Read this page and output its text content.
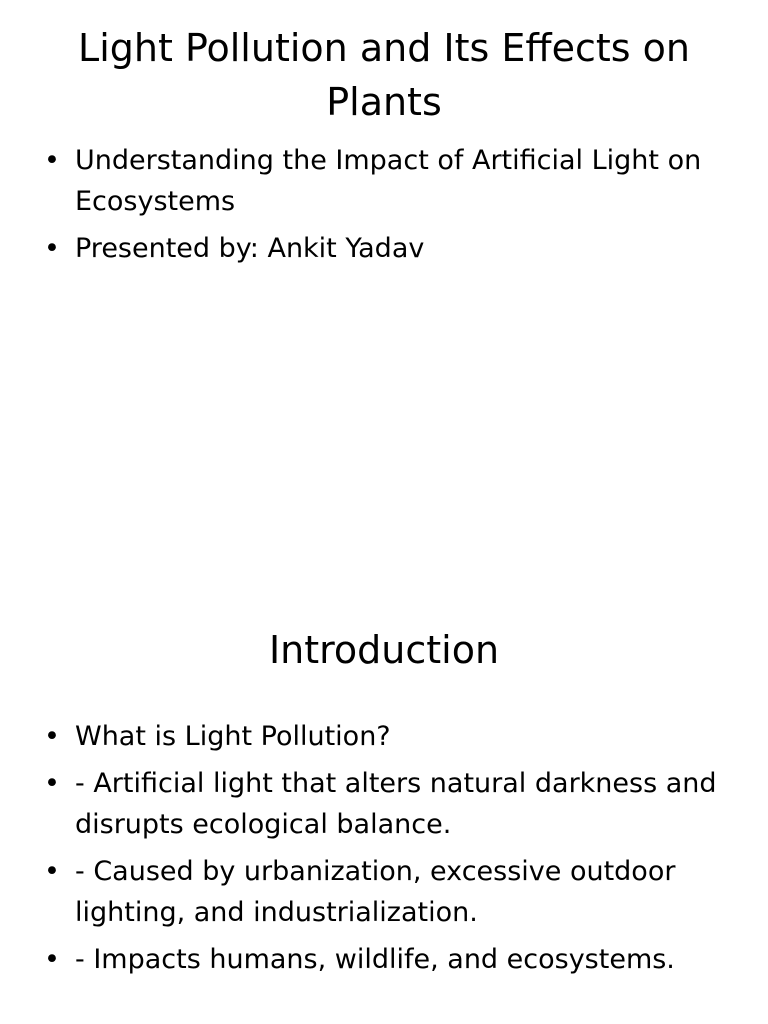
Light Pollution and Its Effects on Plants
• Understanding the Impact of Artificial Light on Ecosystems
• Presented by: Ankit Yadav
Introduction
• What is Light Pollution?
• - Artificial light that alters natural darkness and disrupts ecological balance.
• - Caused by urbanization, excessive outdoor lighting, and industrialization.
• - Impacts humans, wildlife, and ecosystems.
